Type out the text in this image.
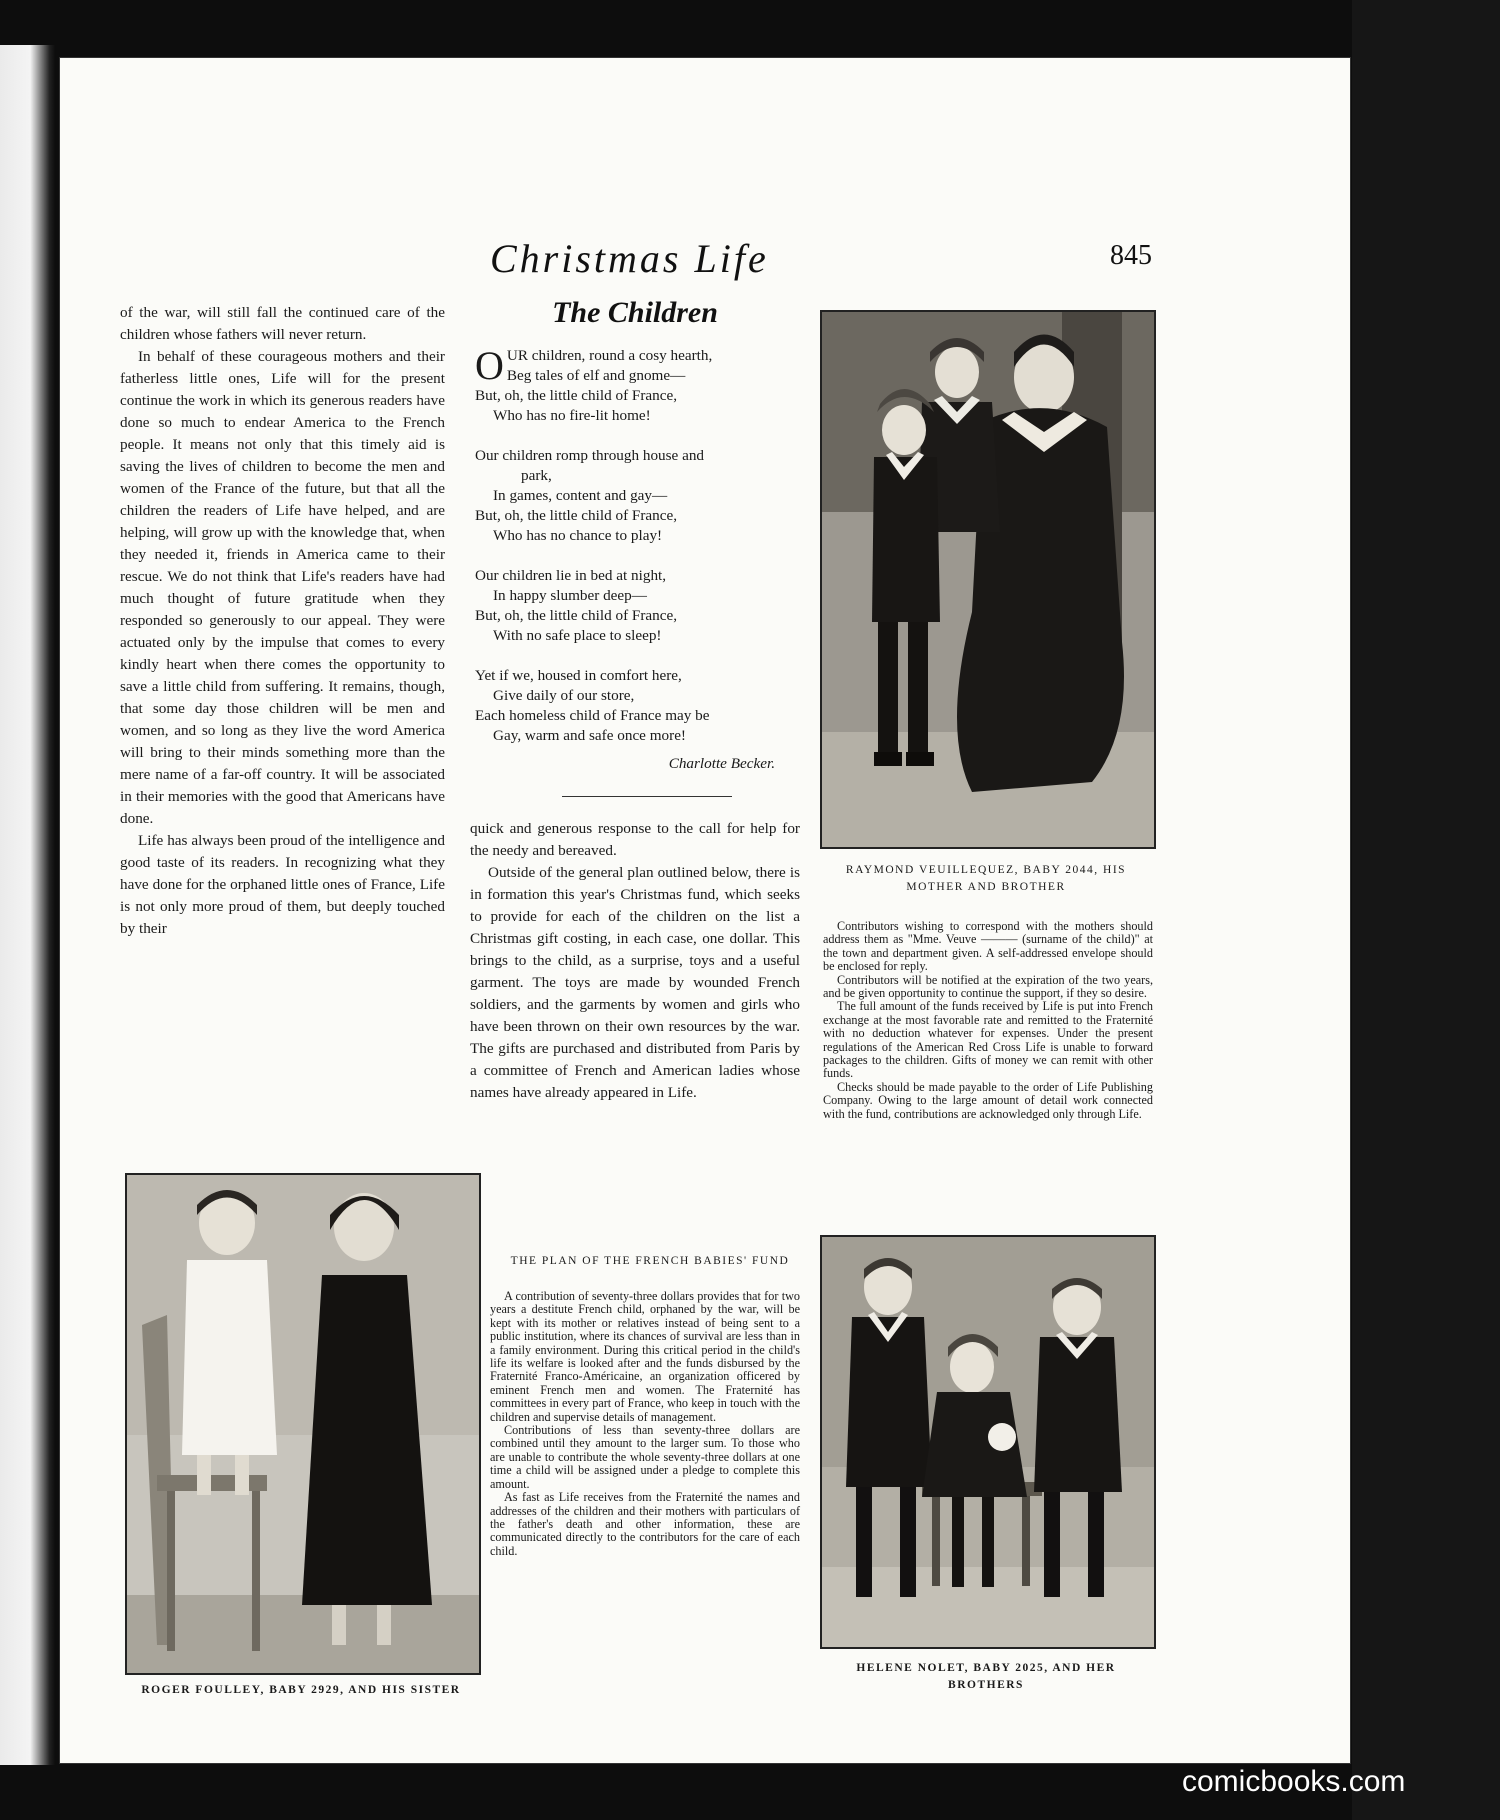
Christmas Life	845

of the war, will still fall the continued care of the children whose fathers will never return.

In behalf of these courageous mothers and their fatherless little ones, Life will for the present continue the work in which its generous readers have done so much to endear America to the French people. It means not only that this timely aid is saving the lives of children to become the men and women of the France of the future, but that all the children the readers of Life have helped, and are helping, will grow up with the knowledge that, when they needed it, friends in America came to their rescue. We do not think that Life's readers have had much thought of future gratitude when they responded so generously to our appeal. They were actuated only by the impulse that comes to every kindly heart when there comes the opportunity to save a little child from suffering. It remains, though, that some day those children will be men and women, and so long as they live the word America will bring to their minds something more than the mere name of a far-off country. It will be associated in their memories with the good that Americans have done.

Life has always been proud of the intelligence and good taste of its readers. In recognizing what they have done for the orphaned little ones of France, Life is not only more proud of them, but deeply touched by their

The Children
O UR children, round a cosy hearth,
Beg tales of elf and gnome—
But, oh, the little child of France,
Who has no fire-lit home!
Our children romp through house and
park,
In games, content and gay—
But, oh, the little child of France,
Who has no chance to play!
Our children lie in bed at night,
In happy slumber deep—
But, oh, the little child of France,
With no safe place to sleep!
Yet if we, housed in comfort here,
Give daily of our store,
Each homeless child of France may be
Gay, warm and safe once more!
Charlotte Becker.

quick and generous response to the call for help for the needy and bereaved.

Outside of the general plan outlined below, there is in formation this year's Christmas fund, which seeks to provide for each of the children on the list a Christmas gift costing, in each case, one dollar. This brings to the child, as a surprise, toys and a useful garment. The toys are made by wounded French soldiers, and the garments by women and girls who have been thrown on their own resources by the war. The gifts are purchased and distributed from Paris by a committee of French and American ladies whose names have already appeared in Life.

THE PLAN OF THE FRENCH BABIES' FUND

A contribution of seventy-three dollars provides that for two years a destitute French child, orphaned by the war, will be kept with its mother or relatives instead of being sent to a public institution, where its chances of survival are less than in a family environment. During this critical period in the child's life its welfare is looked after and the funds disbursed by the Fraternité Franco-Américaine, an organization officered by eminent French men and women. The Fraternité has committees in every part of France, who keep in touch with the children and supervise details of management.

Contributions of less than seventy-three dollars are combined until they amount to the larger sum. To those who are unable to contribute the whole seventy-three dollars at one time a child will be assigned under a pledge to complete this amount.

As fast as Life receives from the Fraternité the names and addresses of the children and their mothers with particulars of the father's death and other information, these are communicated directly to the contributors for the care of each child.

Contributors wishing to correspond with the mothers should address them as "Mme. Veuve ——— (surname of the child)" at the town and department given. A self-addressed envelope should be enclosed for reply.

Contributors will be notified at the expiration of the two years, and be given opportunity to continue the support, if they so desire.

The full amount of the funds received by Life is put into French exchange at the most favorable rate and remitted to the Fraternité with no deduction whatever for expenses. Under the present regulations of the American Red Cross Life is unable to forward packages to the children. Gifts of money we can remit with other funds.

Checks should be made payable to the order of Life Publishing Company. Owing to the large amount of detail work connected with the fund, contributions are acknowledged only through Life.

RAYMOND VEUILLEQUEZ, BABY 2044, HIS MOTHER AND BROTHER
ROGER FOULLEY, BABY 2929, AND HIS SISTER
HELENE NOLET, BABY 2025, AND HER BROTHERS
comicbooks.com
